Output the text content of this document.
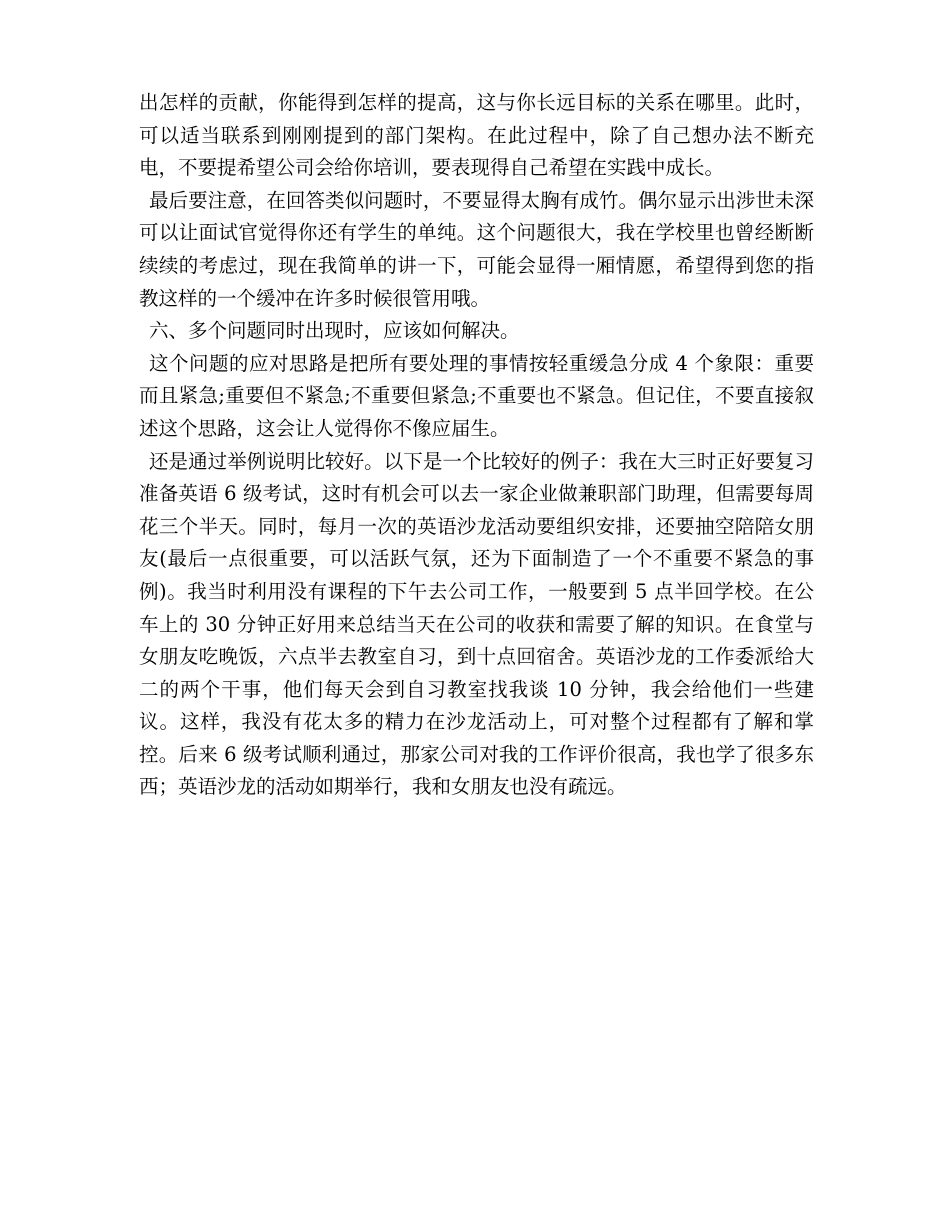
出怎样的贡献，你能得到怎样的提高，这与你长远目标的关系在哪里。此时，可以适当联系到刚刚提到的部门架构。在此过程中，除了自己想办法不断充电，不要提希望公司会给你培训，要表现得自己希望在实践中成长。

最后要注意，在回答类似问题时，不要显得太胸有成竹。偶尔显示出涉世未深可以让面试官觉得你还有学生的单纯。这个问题很大，我在学校里也曾经断断续续的考虑过，现在我简单的讲一下，可能会显得一厢情愿，希望得到您的指教这样的一个缓冲在许多时候很管用哦。

六、多个问题同时出现时，应该如何解决。

这个问题的应对思路是把所有要处理的事情按轻重缓急分成 4 个象限：重要而且紧急;重要但不紧急;不重要但紧急;不重要也不紧急。但记住，不要直接叙述这个思路，这会让人觉得你不像应届生。

还是通过举例说明比较好。以下是一个比较好的例子：我在大三时正好要复习准备英语 6 级考试，这时有机会可以去一家企业做兼职部门助理，但需要每周花三个半天。同时，每月一次的英语沙龙活动要组织安排，还要抽空陪陪女朋友(最后一点很重要，可以活跃气氛，还为下面制造了一个不重要不紧急的事例)。我当时利用没有课程的下午去公司工作，一般要到 5 点半回学校。在公车上的 30 分钟正好用来总结当天在公司的收获和需要了解的知识。在食堂与女朋友吃晚饭，六点半去教室自习，到十点回宿舍。英语沙龙的工作委派给大二的两个干事，他们每天会到自习教室找我谈 10 分钟，我会给他们一些建议。这样，我没有花太多的精力在沙龙活动上，可对整个过程都有了解和掌控。后来 6 级考试顺利通过，那家公司对我的工作评价很高，我也学了很多东西；英语沙龙的活动如期举行，我和女朋友也没有疏远。
